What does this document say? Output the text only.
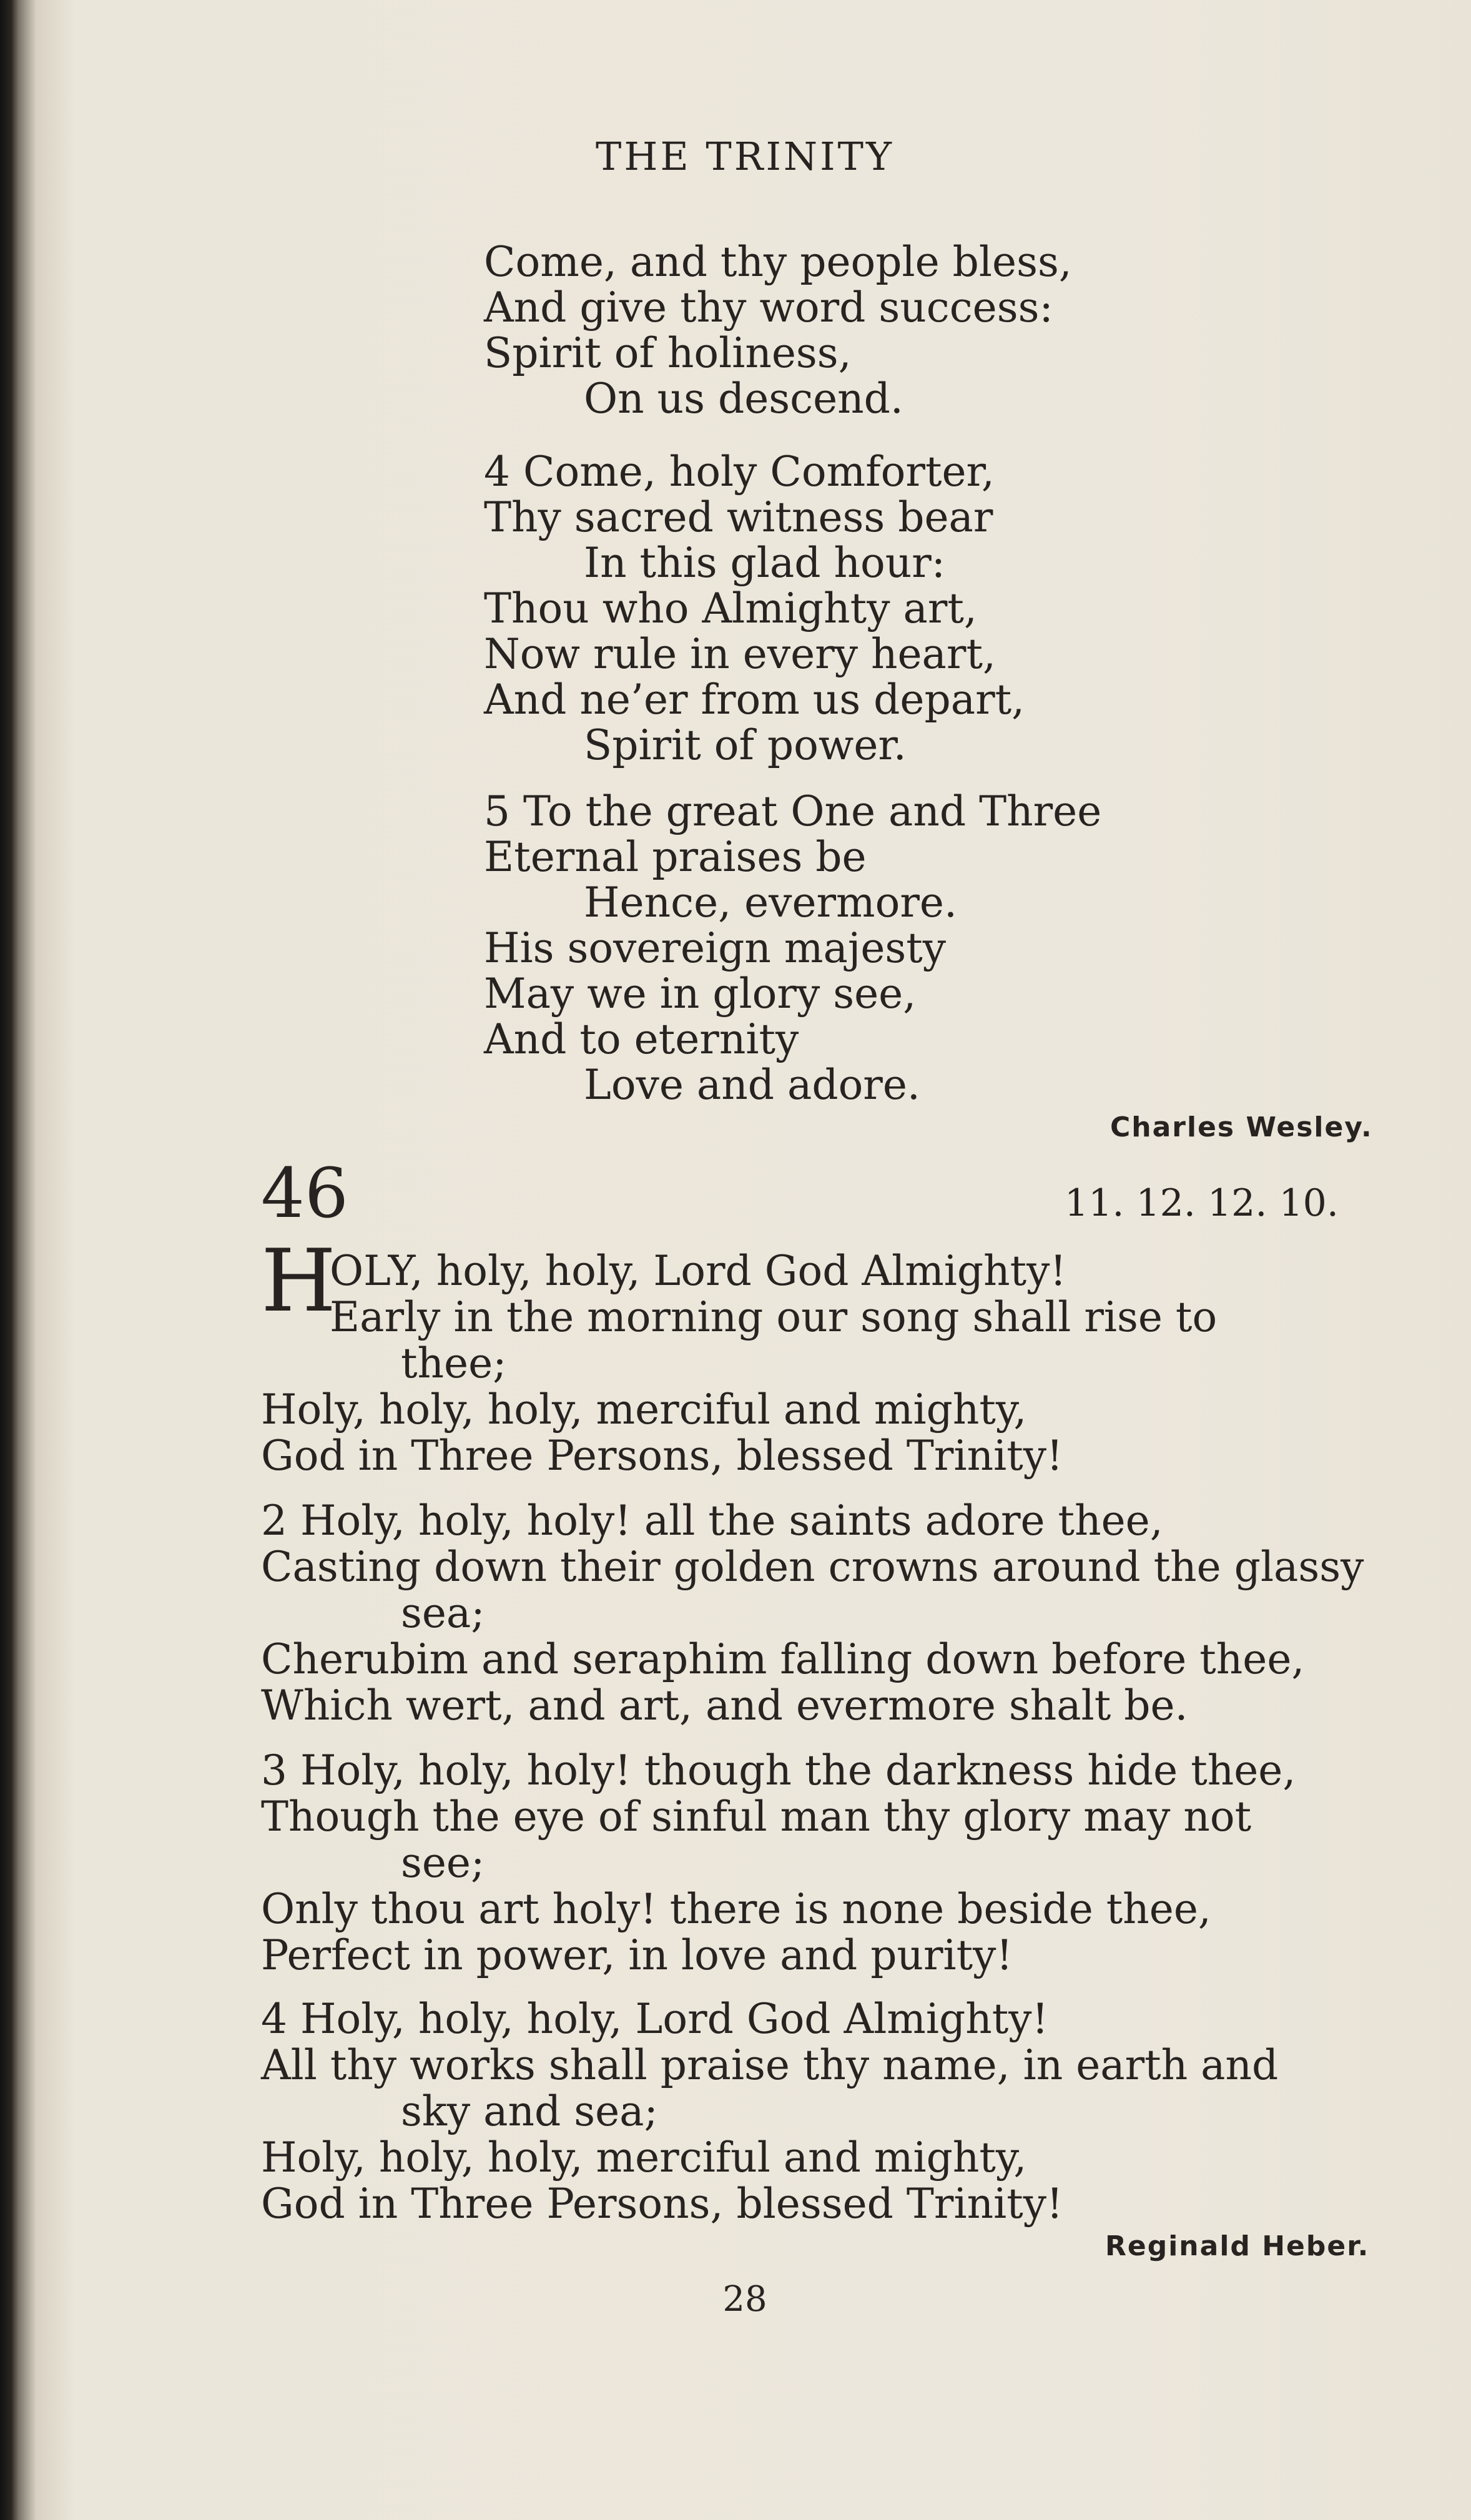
THE TRINITY
Come, and thy people bless,
And give thy word success:
Spirit of holiness,
On us descend.
4 Come, holy Comforter,
Thy sacred witness bear
In this glad hour:
Thou who Almighty art,
Now rule in every heart,
And ne’er from us depart,
Spirit of power.
5 To the great One and Three
Eternal praises be
Hence, evermore.
His sovereign majesty
May we in glory see,
And to eternity
Love and adore.
Charles Wesley.
46	11. 12. 12. 10.
H
OLY, holy, holy, Lord God Almighty!
Early in the morning our song shall rise to
thee;
Holy, holy, holy, merciful and mighty,
God in Three Persons, blessed Trinity!
2 Holy, holy, holy! all the saints adore thee,
Casting down their golden crowns around the glassy
sea;
Cherubim and seraphim falling down before thee,
Which wert, and art, and evermore shalt be.
3 Holy, holy, holy! though the darkness hide thee,
Though the eye of sinful man thy glory may not
see;
Only thou art holy! there is none beside thee,
Perfect in power, in love and purity!
4 Holy, holy, holy, Lord God Almighty!
All thy works shall praise thy name, in earth and
sky and sea;
Holy, holy, holy, merciful and mighty,
God in Three Persons, blessed Trinity!
Reginald Heber.
28
